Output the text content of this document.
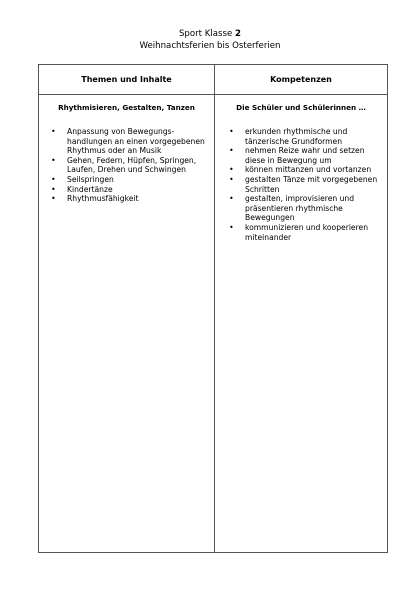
Sport Klasse 2
Weihnachtsferien bis Osterferien
Themen und Inhalte	Kompetenzen
Rhythmisieren, Gestalten, Tanzen	Die Schüler und Schülerinnen …
• Anpassung von Bewegungs-handlungen an einen vorgegebenen Rhythmus oder an Musik
• Gehen, Federn, Hüpfen, Springen, Laufen, Drehen und Schwingen
• Seilspringen
• Kindertänze
• Rhythmusfähigkeit
• erkunden rhythmische und tänzerische Grundformen
• nehmen Reize wahr und setzen diese in Bewegung um
• können mittanzen und vortanzen
• gestalten Tänze mit vorgegebenen Schritten
• gestalten, improvisieren und präsentieren rhythmische Bewegungen
• kommunizieren und kooperieren miteinander
